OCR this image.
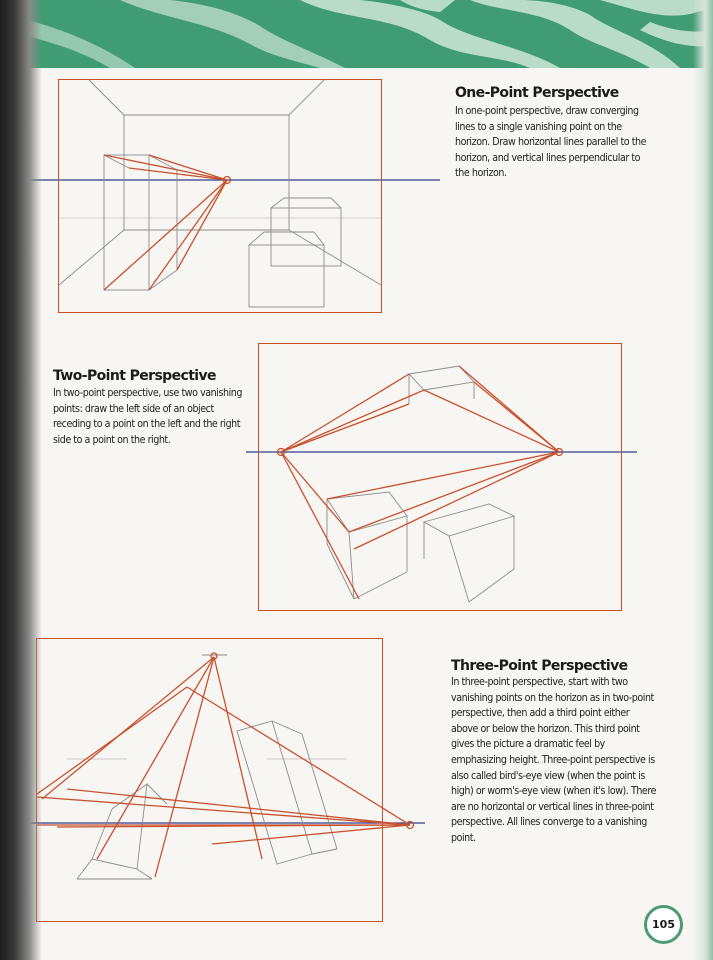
One-Point Perspective

In one-point perspective, draw converging lines to a single vanishing point on the horizon. Draw horizontal lines parallel to the horizon, and vertical lines perpendicular to the horizon.

Two-Point Perspective

In two-point perspective, use two vanishing points: draw the left side of an object receding to a point on the left and the right side to a point on the right.

Three-Point Perspective

In three-point perspective, start with two vanishing points on the horizon as in two-point perspective, then add a third point either above or below the horizon. This third point gives the picture a dramatic feel by emphasizing height. Three-point perspective is also called bird's-eye view (when the point is high) or worm's-eye view (when it's low). There are no horizontal or vertical lines in three-point perspective. All lines converge to a vanishing point.

105
